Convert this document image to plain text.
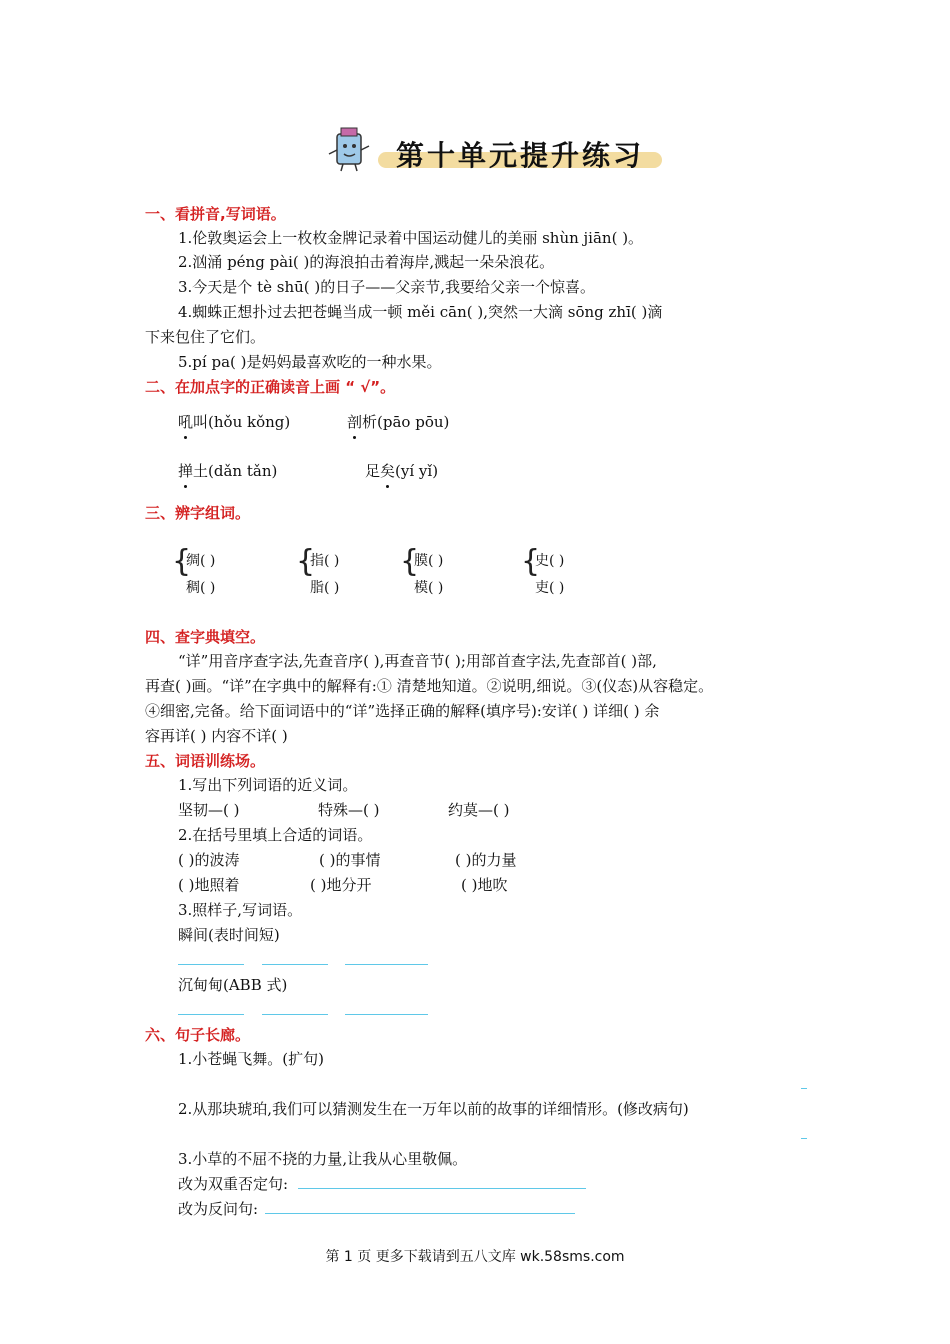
第十单元提升练习
一、看拼音,写词语。
1.伦敦奥运会上一枚枚金牌记录着中国运动健儿的美丽 shùn jiān( )。
2.汹涌 péng pài( )的海浪拍击着海岸,溅起一朵朵浪花。
3.今天是个 tè shū( )的日子——父亲节,我要给父亲一个惊喜。
4.蜘蛛正想扑过去把苍蝇当成一顿 měi cān( ),突然一大滴 sōng zhī( )滴
下来包住了它们。
5.pí pa( )是妈妈最喜欢吃的一种水果。
二、在加点字的正确读音上画 “ √”。
吼叫(hǒu kǒng)	剖析(pāo pōu)
掸土(dǎn tǎn)	足矣(yí yǐ)
三、辨字组词。
{
绸( )
稠( )
{
指( )
脂( )
{
膜( )
模( )
{
史( )
吏( )
四、查字典填空。
“详”用音序查字法,先查音序( ),再查音节( );用部首查字法,先查部首( )部,
再查( )画。“详”在字典中的解释有:① 清楚地知道。②说明,细说。③(仪态)从容稳定。
④细密,完备。给下面词语中的“详”选择正确的解释(填序号):安详( ) 详细( ) 余
容再详( ) 内容不详( )
五、词语训练场。
1.写出下列词语的近义词。
坚韧—( )	特殊—( )	约莫—( )
2.在括号里填上合适的词语。
( )的波涛	( )的事情	( )的力量
( )地照着	( )地分开	( )地吹
3.照样子,写词语。
瞬间(表时间短)
沉甸甸(ABB 式)
六、句子长廊。
1.小苍蝇飞舞。(扩句)
2.从那块琥珀,我们可以猜测发生在一万年以前的故事的详细情形。(修改病句)
3.小草的不屈不挠的力量,让我从心里敬佩。
改为双重否定句:
改为反问句:
第 1 页 更多下载请到五八文库 wk.58sms.com
